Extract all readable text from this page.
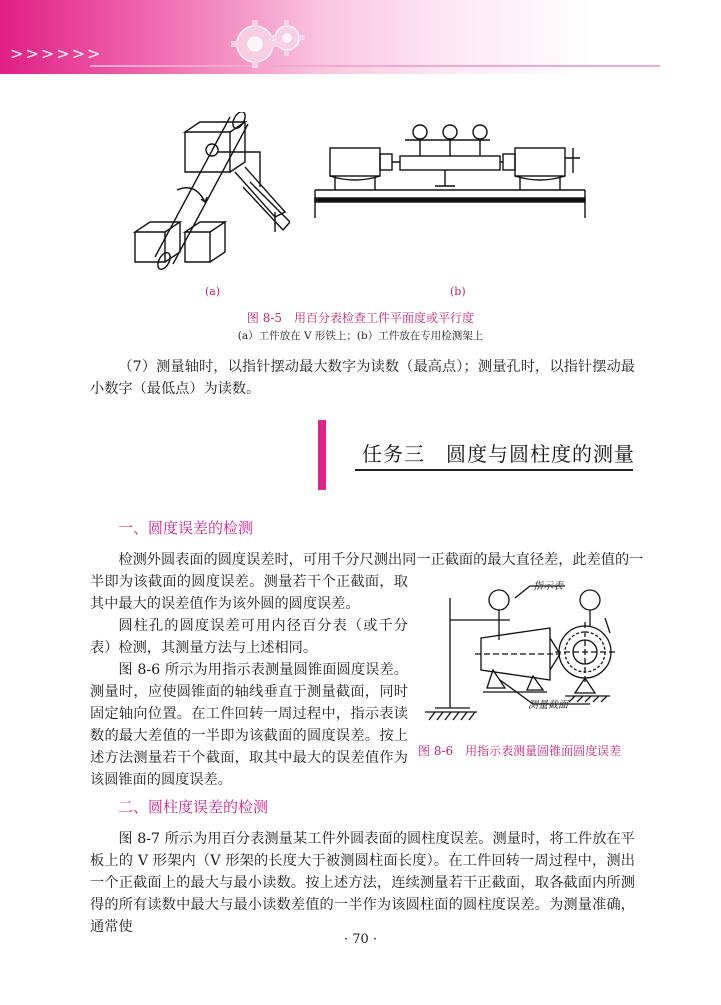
>>>>>>
(a)	(b)
图 8-5　用百分表检查工件平面度或平行度
(a）工件放在 V 形铁上；(b）工件放在专用检测架上

（7）测量轴时，以指针摆动最大数字为读数（最高点）；测量孔时，以指针摆动最小数字（最低点）为读数。

任务三　圆度与圆柱度的测量
一、圆度误差的检测

检测外圆表面的圆度误差时，可用千分尺测出同一正截面的最大直径差，此差值的一

半即为该截面的圆度误差。测量若干个正截面，取其中最大的误差值作为该外圆的圆度误差。

圆柱孔的圆度误差可用内径百分表（或千分表）检测，其测量方法与上述相同。

图 8-6 所示为用指示表测量圆锥面圆度误差。测量时，应使圆锥面的轴线垂直于测量截面，同时固定轴向位置。在工件回转一周过程中，指示表读数的最大差值的一半即为该截面的圆度误差。按上述方法测量若干个截面，取其中最大的误差值作为该圆锥面的圆度误差。

指示表
测量截面
图 8-6　用指示表测量圆锥面圆度误差
二、圆柱度误差的检测

图 8-7 所示为用百分表测量某工件外圆表面的圆柱度误差。测量时，将工件放在平板上的 V 形架内（V 形架的长度大于被测圆柱面长度）。在工件回转一周过程中，测出一个正截面上的最大与最小读数。按上述方法，连续测量若干正截面，取各截面内所测得的所有读数中最大与最小读数差值的一半作为该圆柱面的圆柱度误差。为测量准确，通常使

· 70 ·
